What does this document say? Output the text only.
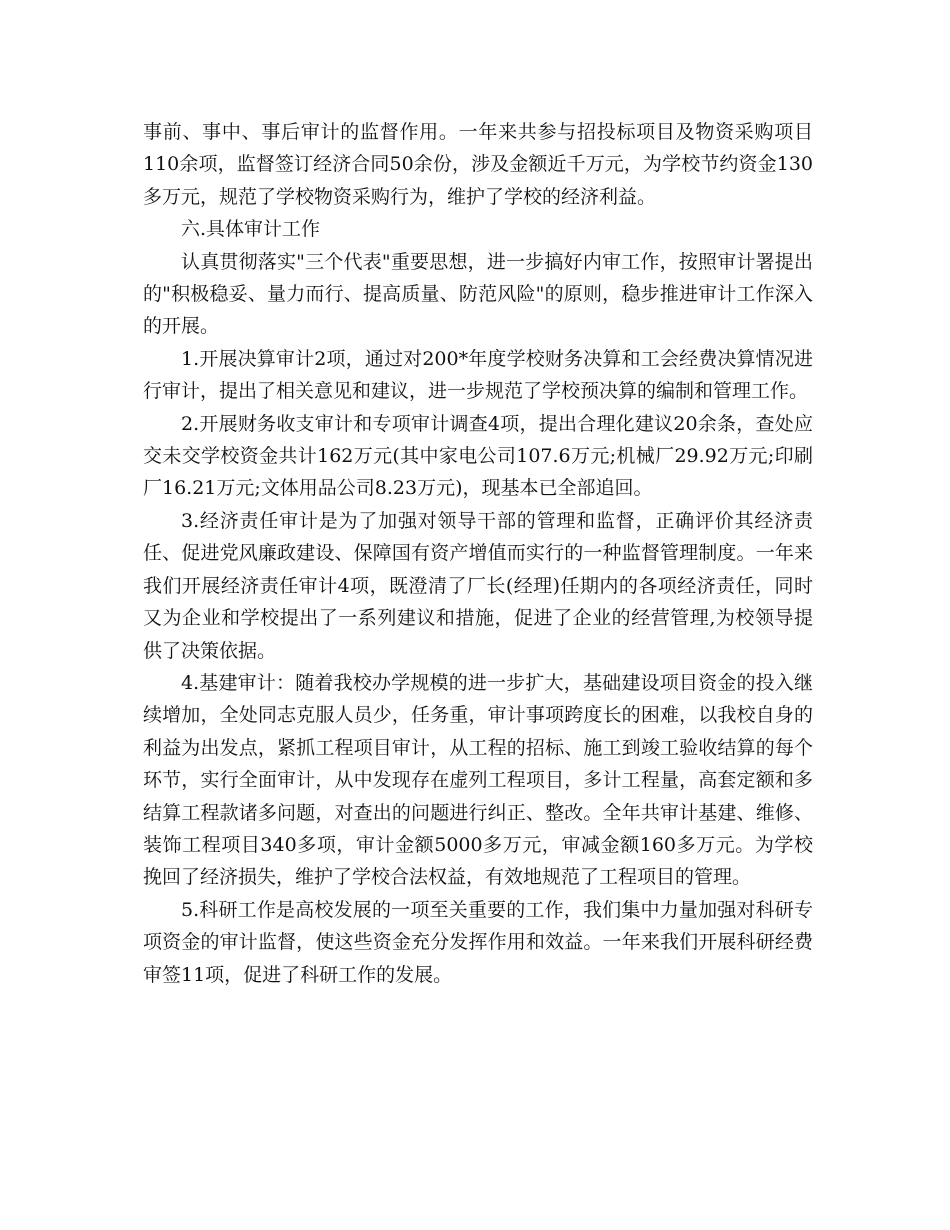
事前、事中、事后审计的监督作用。一年来共参与招投标项目及物资采购项目110余项，监督签订经济合同50余份，涉及金额近千万元，为学校节约资金130多万元，规范了学校物资采购行为，维护了学校的经济利益。

六.具体审计工作

认真贯彻落实"三个代表"重要思想，进一步搞好内审工作，按照审计署提出的"积极稳妥、量力而行、提高质量、防范风险"的原则，稳步推进审计工作深入的开展。

1.开展决算审计2项，通过对200*年度学校财务决算和工会经费决算情况进行审计，提出了相关意见和建议，进一步规范了学校预决算的编制和管理工作。

2.开展财务收支审计和专项审计调查4项，提出合理化建议20余条，查处应交未交学校资金共计162万元(其中家电公司107.6万元;机械厂29.92万元;印刷厂16.21万元;文体用品公司8.23万元)，现基本已全部追回。

3.经济责任审计是为了加强对领导干部的管理和监督，正确评价其经济责任、促进党风廉政建设、保障国有资产增值而实行的一种监督管理制度。一年来我们开展经济责任审计4项，既澄清了厂长(经理)任期内的各项经济责任，同时又为企业和学校提出了一系列建议和措施，促进了企业的经营管理,为校领导提供了决策依据。

4.基建审计：随着我校办学规模的进一步扩大，基础建设项目资金的投入继续增加，全处同志克服人员少，任务重，审计事项跨度长的困难，以我校自身的利益为出发点，紧抓工程项目审计，从工程的招标、施工到竣工验收结算的每个环节，实行全面审计，从中发现存在虚列工程项目，多计工程量，高套定额和多结算工程款诸多问题，对查出的问题进行纠正、整改。全年共审计基建、维修、装饰工程项目340多项，审计金额5000多万元，审减金额160多万元。为学校挽回了经济损失，维护了学校合法权益，有效地规范了工程项目的管理。

5.科研工作是高校发展的一项至关重要的工作，我们集中力量加强对科研专项资金的审计监督，使这些资金充分发挥作用和效益。一年来我们开展科研经费审签11项，促进了科研工作的发展。
